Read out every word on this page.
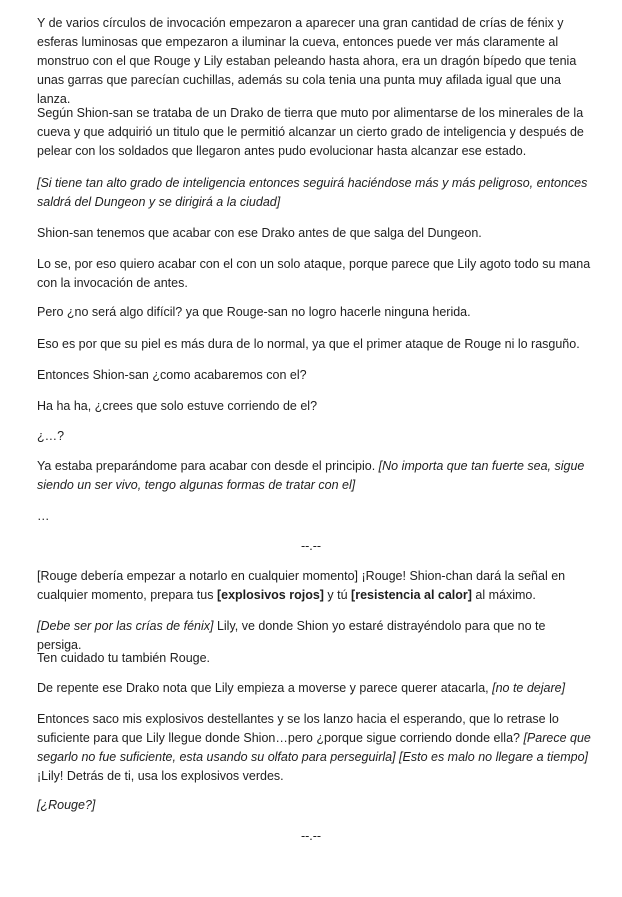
Y de varios círculos de invocación empezaron a aparecer una gran cantidad de crías de fénix y esferas luminosas que empezaron a iluminar la cueva, entonces puede ver más claramente al monstruo con el que Rouge y Lily estaban peleando hasta ahora, era un dragón bípedo que tenia unas garras que parecían cuchillas, además su cola tenia una punta muy afilada igual que una lanza.

Según Shion-san se trataba de un Drako de tierra que muto por alimentarse de los minerales de la cueva y que adquirió un titulo que le permitió alcanzar un cierto grado de inteligencia y después de pelear con los soldados que llegaron antes pudo evolucionar hasta alcanzar ese estado.

[Si tiene tan alto grado de inteligencia entonces seguirá haciéndose más y más peligroso, entonces saldrá del Dungeon y se dirigirá a la ciudad]

Shion-san tenemos que acabar con ese Drako antes de que salga del Dungeon.

Lo se, por eso quiero acabar con el con un solo ataque, porque parece que Lily agoto todo su mana con la invocación de antes.

Pero ¿no será algo difícil? ya que Rouge-san no logro hacerle ninguna herida.

Eso es por que su piel es más dura de lo normal, ya que el primer ataque de Rouge ni lo rasguño.

Entonces Shion-san ¿como acabaremos con el?

Ha ha ha, ¿crees que solo estuve corriendo de el?

¿…?

Ya estaba preparándome para acabar con desde el principio. [No importa que tan fuerte sea, sigue siendo un ser vivo, tengo algunas formas de tratar con el]

…

--.--

[Rouge debería empezar a notarlo en cualquier momento] ¡Rouge! Shion-chan dará la señal en cualquier momento, prepara tus [explosivos rojos] y tú [resistencia al calor] al máximo.

[Debe ser por las crías de fénix] Lily, ve donde Shion yo estaré distrayéndolo para que no te persiga.

Ten cuidado tu también Rouge.

De repente ese Drako nota que Lily empieza a moverse y parece querer atacarla, [no te dejare]

Entonces saco mis explosivos destellantes y se los lanzo hacia el esperando, que lo retrase lo suficiente para que Lily llegue donde Shion…pero ¿porque sigue corriendo donde ella? [Parece que segarlo no fue suficiente, esta usando su olfato para perseguirla] [Esto es malo no llegare a tiempo] ¡Lily! Detrás de ti, usa los explosivos verdes.

[¿Rouge?]

--.--
